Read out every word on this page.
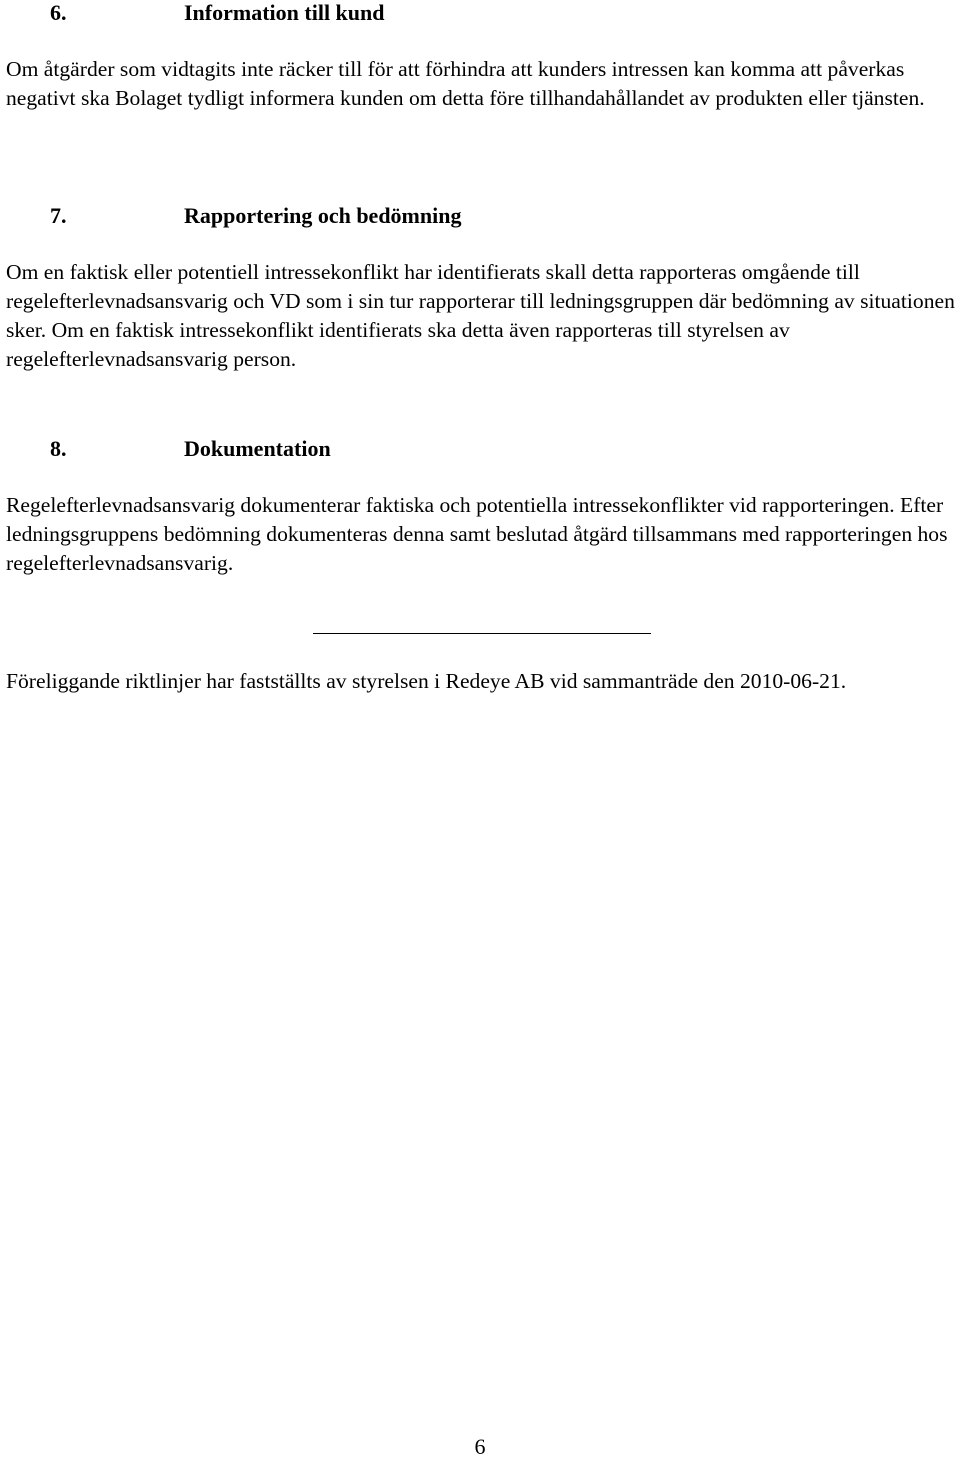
6.	Information till kund

Om åtgärder som vidtagits inte räcker till för att förhindra att kunders intressen kan komma att påverkas negativt ska Bolaget tydligt informera kunden om detta före tillhandahållandet av produkten eller tjänsten.

7.	Rapportering och bedömning

Om en faktisk eller potentiell intressekonflikt har identifierats skall detta rapporteras omgående till regelefterlevnadsansvarig och VD som i sin tur rapporterar till ledningsgruppen där bedömning av situationen sker. Om en faktisk intressekonflikt identifierats ska detta även rapporteras till styrelsen av regelefterlevnadsansvarig person.

8.	Dokumentation

Regelefterlevnadsansvarig dokumenterar faktiska och potentiella intressekonflikter vid rapporteringen. Efter ledningsgruppens bedömning dokumenteras denna samt beslutad åtgärd tillsammans med rapporteringen hos regelefterlevnadsansvarig.

Föreliggande riktlinjer har fastställts av styrelsen i Redeye AB vid sammanträde den 2010-06-21.

6
